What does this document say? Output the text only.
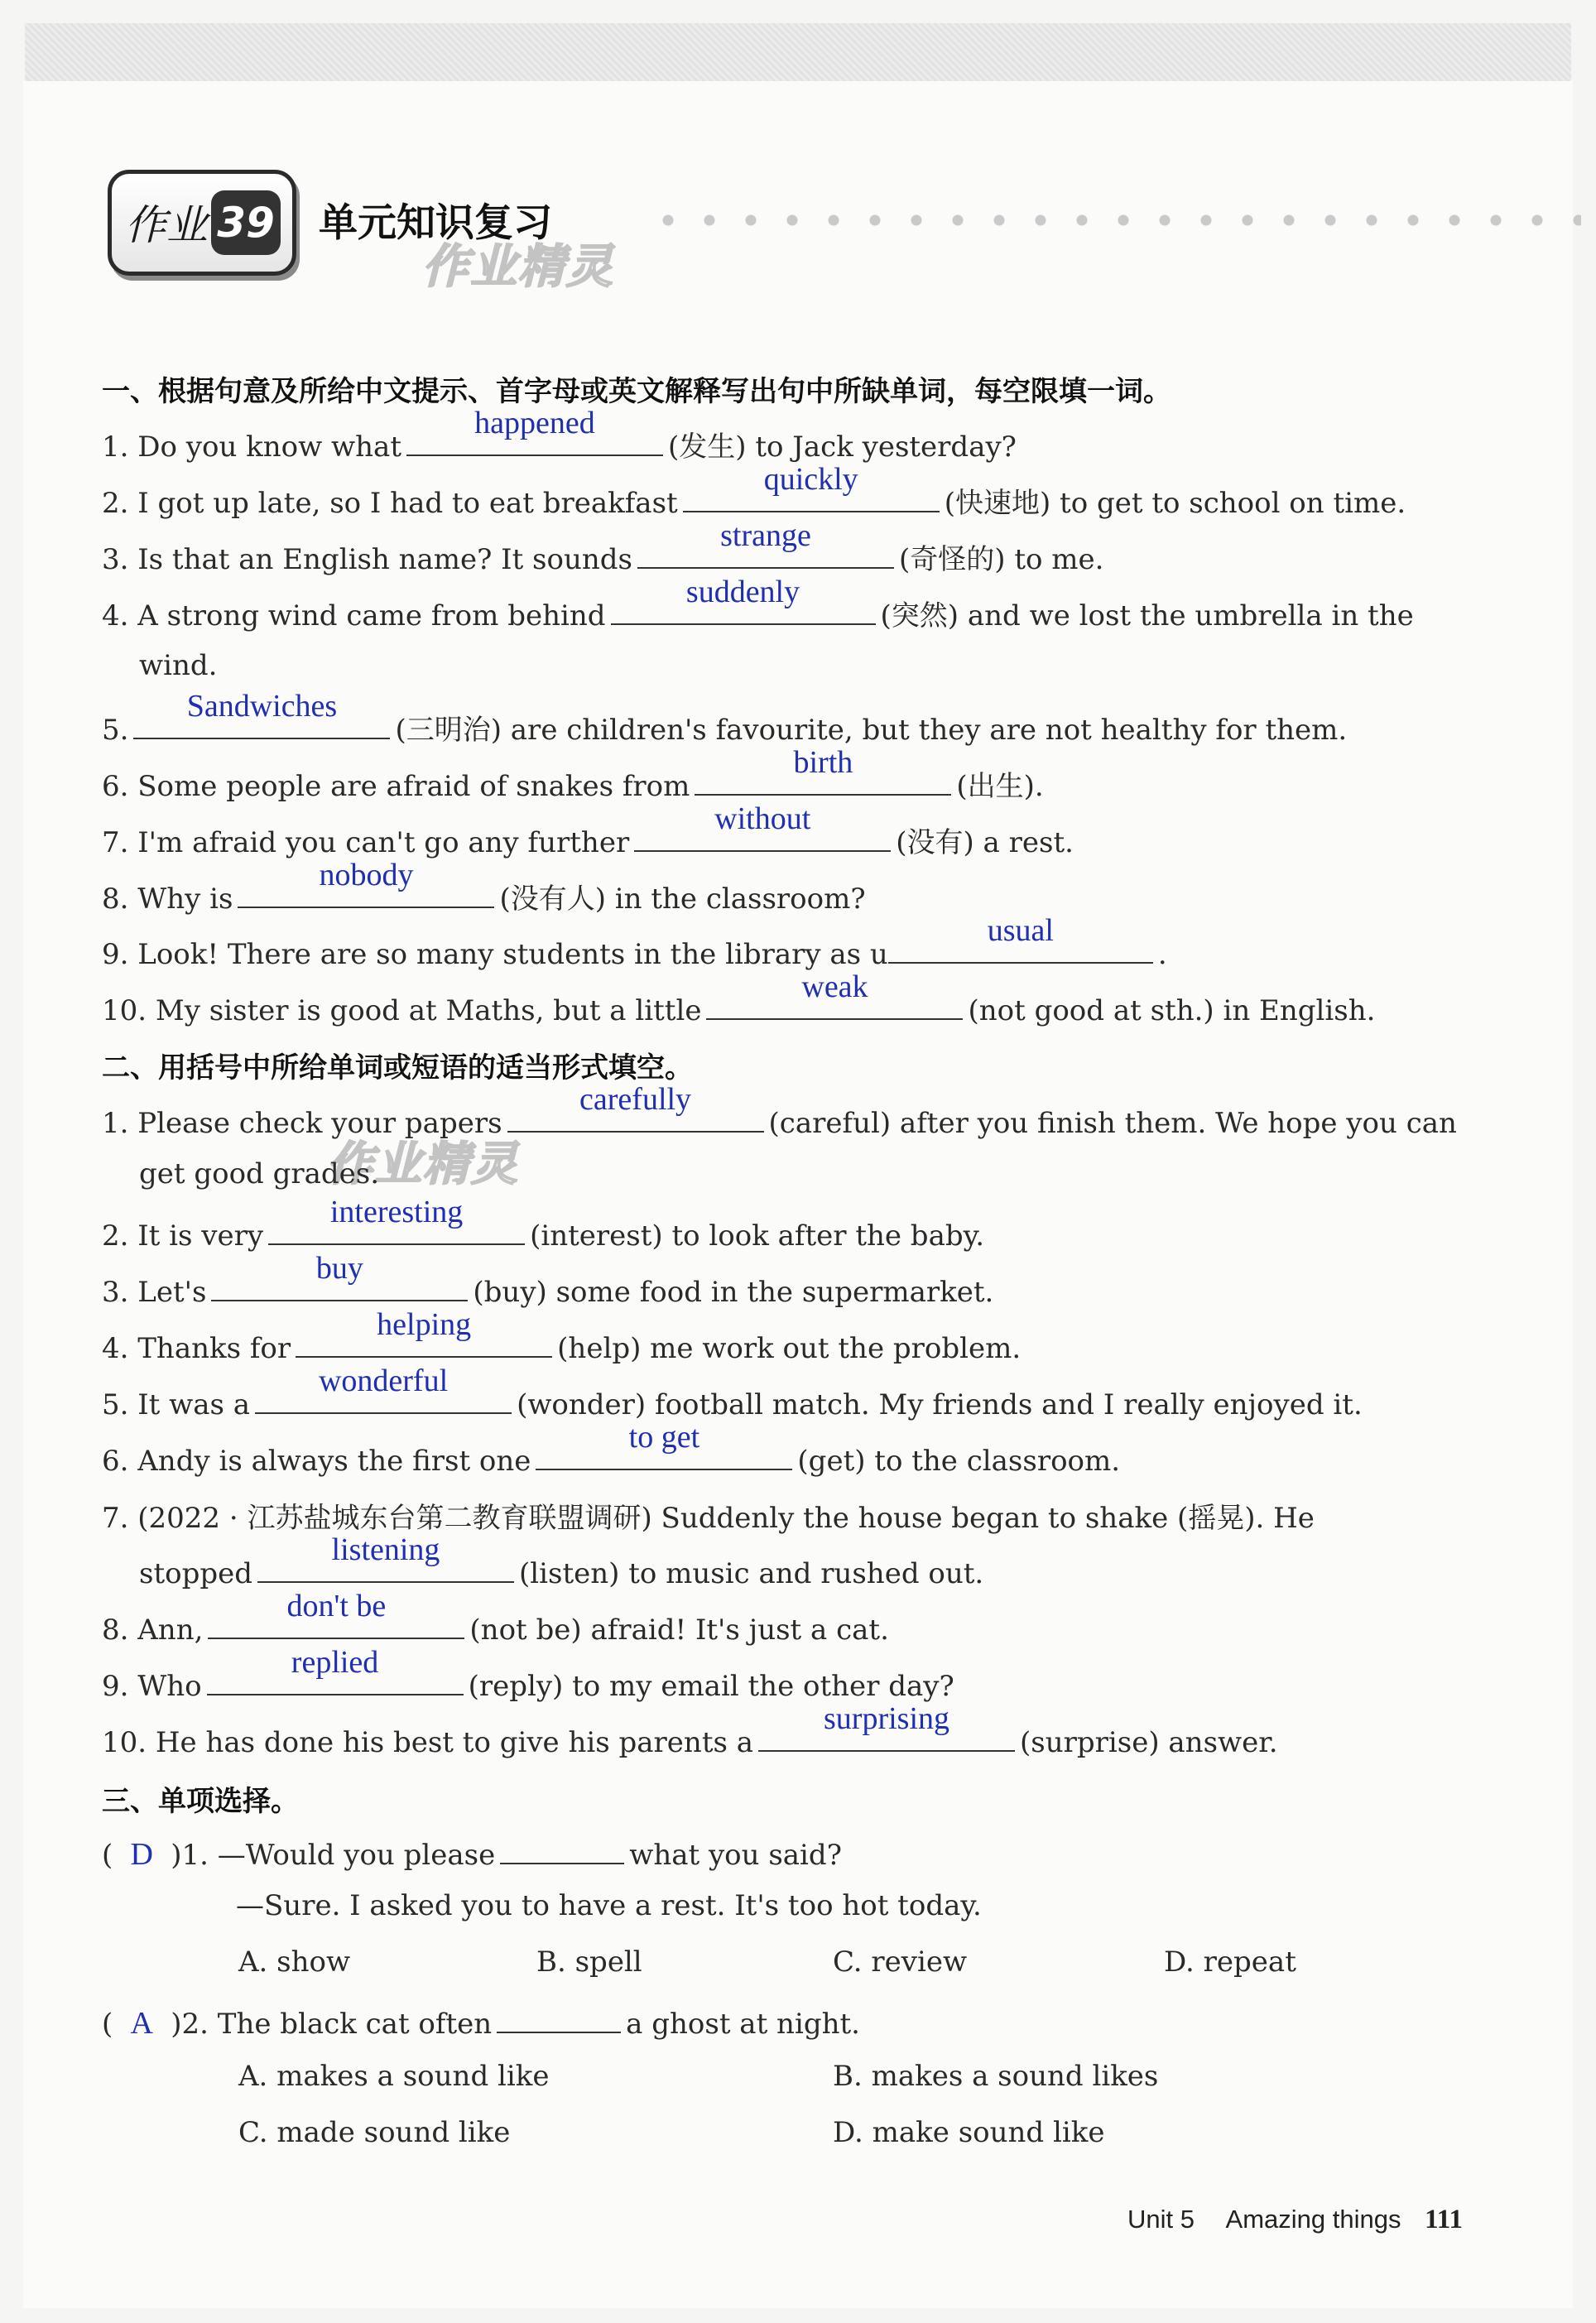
作业 39 单元知识复习
作业精灵
作业精灵
一、根据句意及所给中文提示、首字母或英文解释写出句中所缺单词，每空限填一词。
1. Do you know what
happened
(发生) to Jack yesterday?
2. I got up late, so I had to eat breakfast
quickly
(快速地) to get to school on time.
3. Is that an English name? It sounds
strange
(奇怪的) to me.
4. A strong wind came from behind
suddenly
(突然) and we lost the umbrella in the
wind.
5.
Sandwiches
(三明治) are children's favourite, but they are not healthy for them.
6. Some people are afraid of snakes from
birth
(出生).
7. I'm afraid you can't go any further
without
(没有) a rest.
8. Why is
nobody
(没有人) in the classroom?
9. Look! There are so many students in the library as u
usual
.
10. My sister is good at Maths, but a little
weak
(not good at sth.) in English.
二、用括号中所给单词或短语的适当形式填空。
1. Please check your papers
carefully
(careful) after you finish them. We hope you can
get good grades.
2. It is very
interesting
(interest) to look after the baby.
3. Let's
buy
(buy) some food in the supermarket.
4. Thanks for
helping
(help) me work out the problem.
5. It was a
wonderful
(wonder) football match. My friends and I really enjoyed it.
6. Andy is always the first one
to get
(get) to the classroom.
7. (2022 · 江苏盐城东台第二教育联盟调研) Suddenly the house began to shake (摇晃). He
stopped
listening
(listen) to music and rushed out.
8. Ann,
don't be
(not be) afraid! It's just a cat.
9. Who
replied
(reply) to my email the other day?
10. He has done his best to give his parents a
surprising
(surprise) answer.
三、单项选择。
( D )1. —Would you please	what you said?
—Sure. I asked you to have a rest. It's too hot today.
A. show	B. spell	C. review	D. repeat
( A )2. The black cat often	a ghost at night.
A. makes a sound like	B. makes a sound likes
C. made sound like	D. make sound like
Unit 5 Amazing things 111
